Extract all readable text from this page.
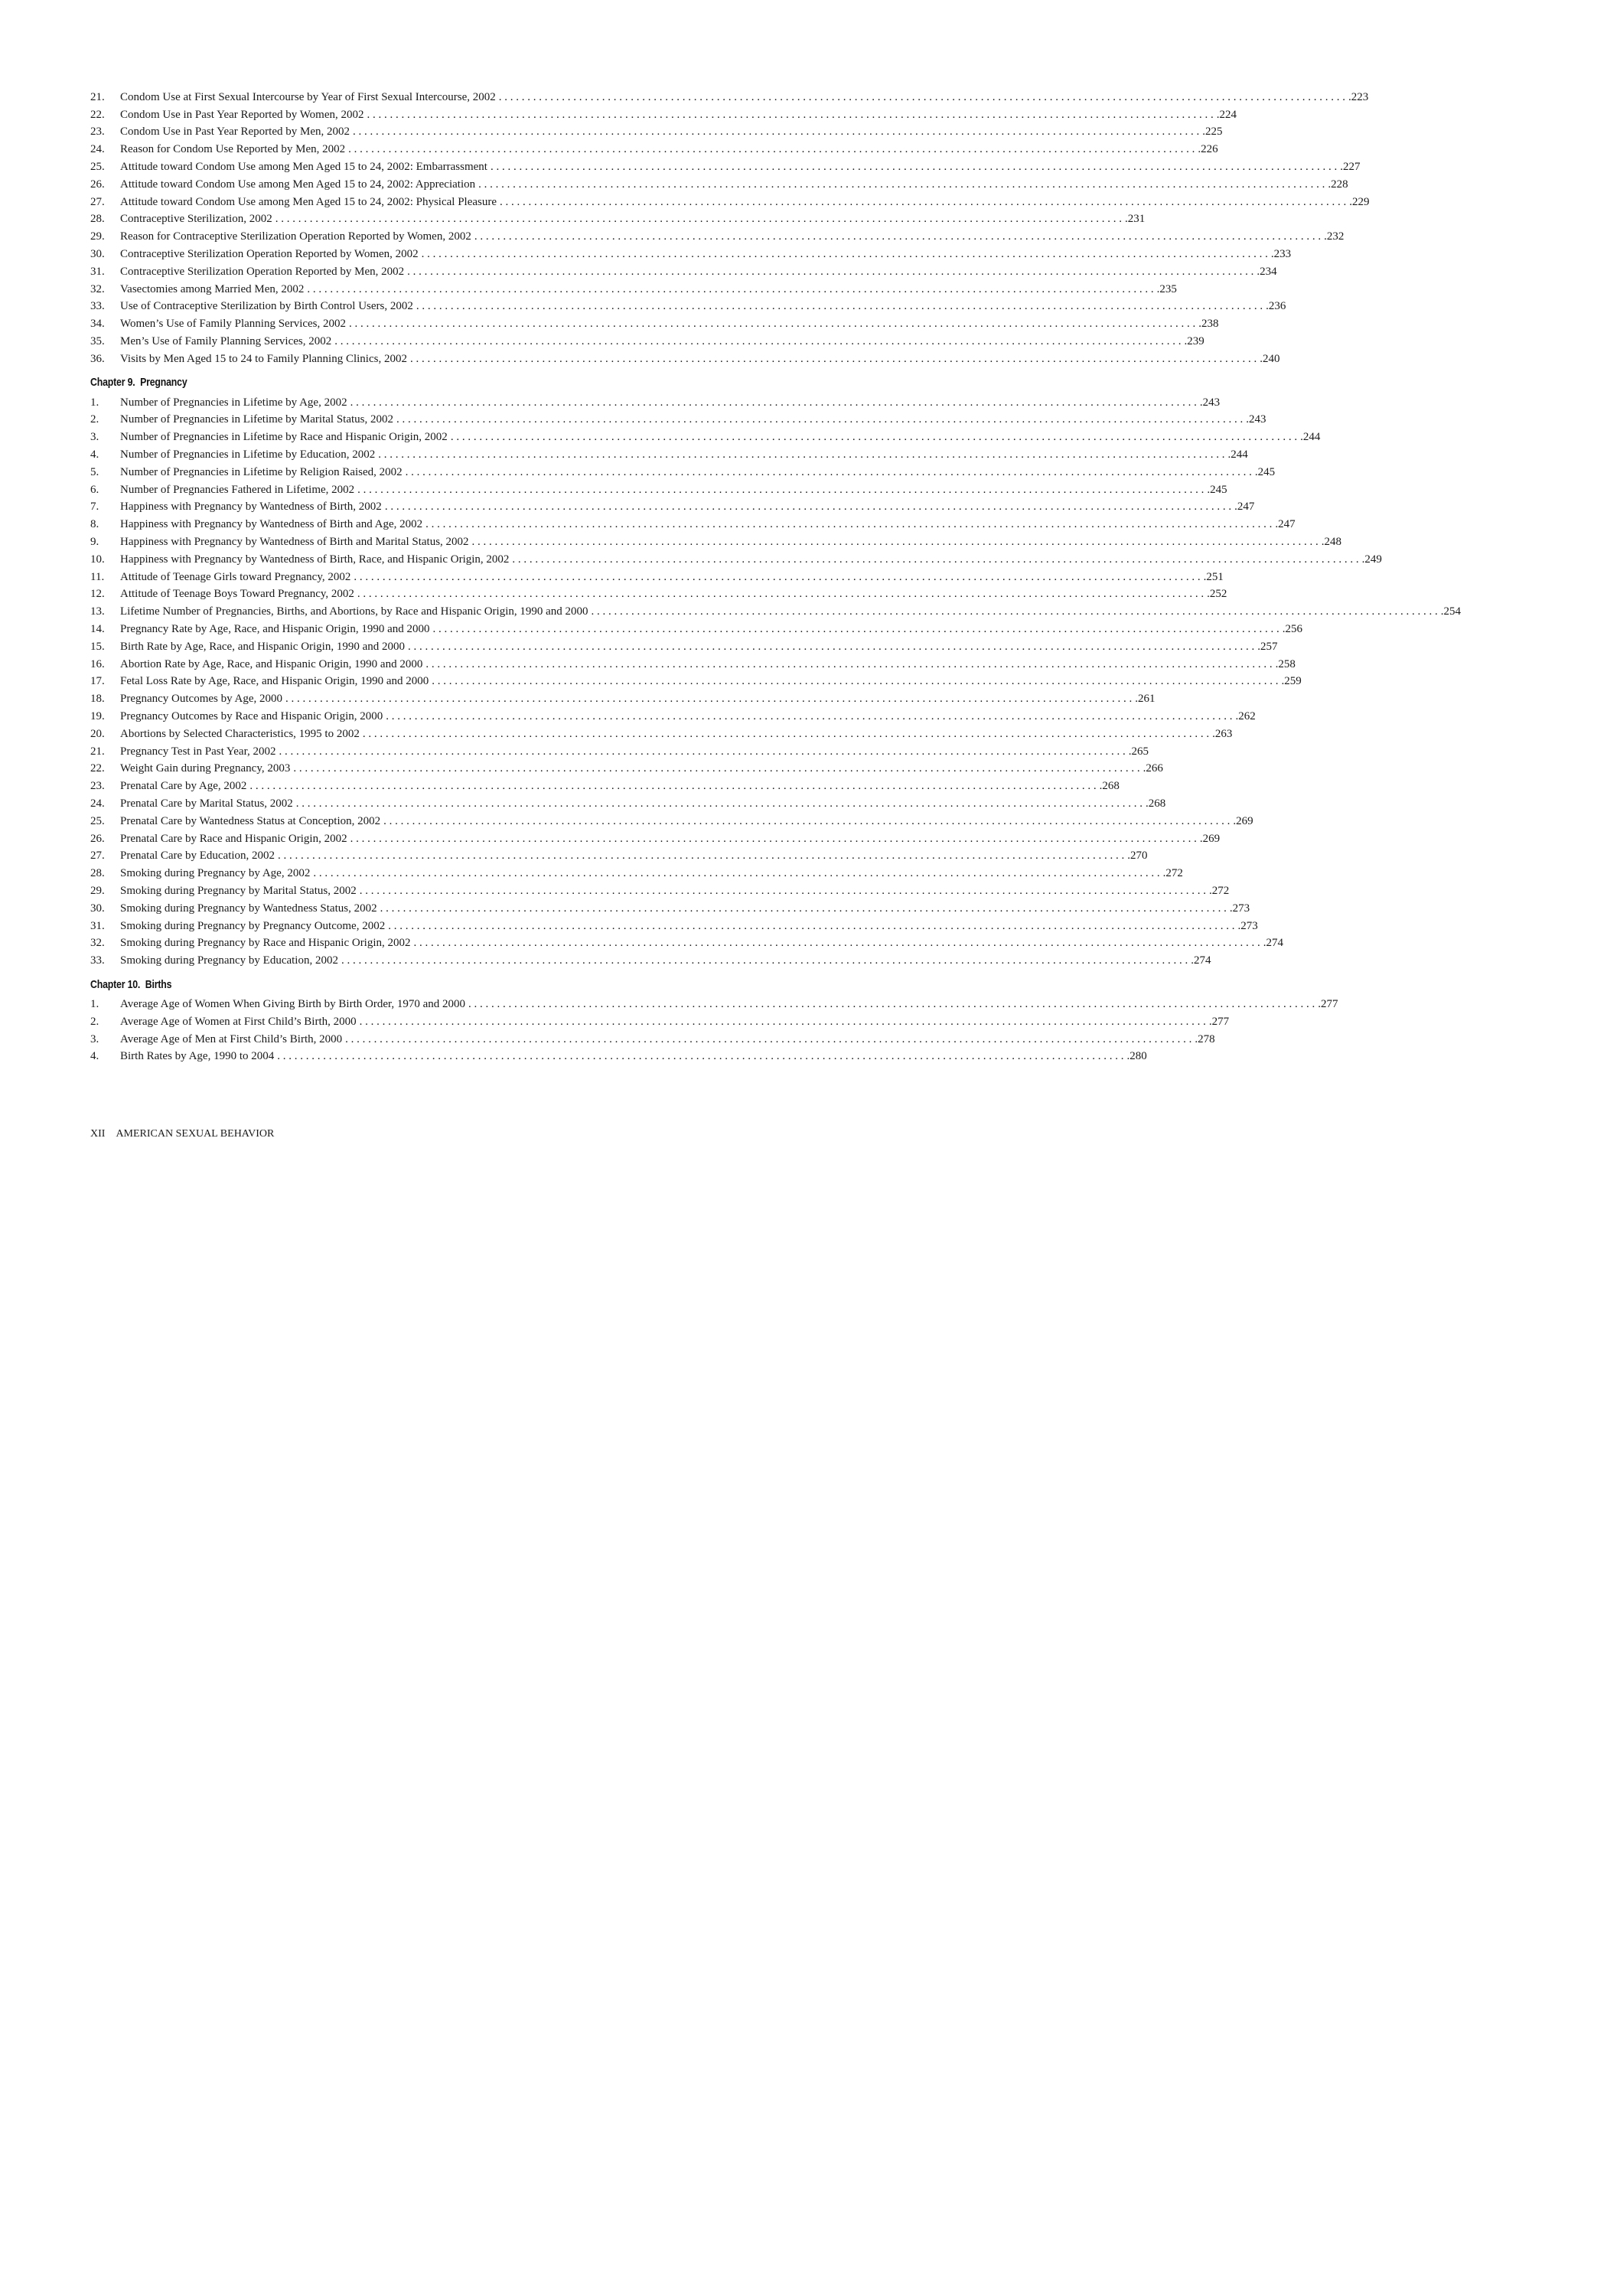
21.	Condom Use at First Sexual Intercourse by Year of First Sexual Intercourse, 2002 . . .	.223
22.	Condom Use in Past Year Reported by Women, 2002 . . .	.224
23.	Condom Use in Past Year Reported by Men, 2002 . . .	.225
24.	Reason for Condom Use Reported by Men, 2002 . . .	.226
25.	Attitude toward Condom Use among Men Aged 15 to 24, 2002: Embarrassment . . .	.227
26.	Attitude toward Condom Use among Men Aged 15 to 24, 2002: Appreciation . . .	.228
27.	Attitude toward Condom Use among Men Aged 15 to 24, 2002: Physical Pleasure . . .	.229
28.	Contraceptive Sterilization, 2002 . . .	.231
29.	Reason for Contraceptive Sterilization Operation Reported by Women, 2002 . . .	.232
30.	Contraceptive Sterilization Operation Reported by Women, 2002 . . .	.233
31.	Contraceptive Sterilization Operation Reported by Men, 2002 . . .	.234
32.	Vasectomies among Married Men, 2002 . . .	.235
33.	Use of Contraceptive Sterilization by Birth Control Users, 2002 . . .	.236
34.	Women’s Use of Family Planning Services, 2002 . . .	.238
35.	Men’s Use of Family Planning Services, 2002 . . .	.239
36.	Visits by Men Aged 15 to 24 to Family Planning Clinics, 2002 . . .	.240
Chapter 9. Pregnancy
1.	Number of Pregnancies in Lifetime by Age, 2002 . . .	.243
2.	Number of Pregnancies in Lifetime by Marital Status, 2002 . . .	.243
3.	Number of Pregnancies in Lifetime by Race and Hispanic Origin, 2002 . . .	.244
4.	Number of Pregnancies in Lifetime by Education, 2002 . . .	.244
5.	Number of Pregnancies in Lifetime by Religion Raised, 2002 . . .	.245
6.	Number of Pregnancies Fathered in Lifetime, 2002 . . .	.245
7.	Happiness with Pregnancy by Wantedness of Birth, 2002 . . .	.247
8.	Happiness with Pregnancy by Wantedness of Birth and Age, 2002 . . .	.247
9.	Happiness with Pregnancy by Wantedness of Birth and Marital Status, 2002 . . .	.248
10.	Happiness with Pregnancy by Wantedness of Birth, Race, and Hispanic Origin, 2002 . . .	.249
11.	Attitude of Teenage Girls toward Pregnancy, 2002 . . .	.251
12.	Attitude of Teenage Boys Toward Pregnancy, 2002 . . .	.252
13.	Lifetime Number of Pregnancies, Births, and Abortions, by Race and Hispanic Origin, 1990 and 2000 . . .	.254
14.	Pregnancy Rate by Age, Race, and Hispanic Origin, 1990 and 2000 . . .	.256
15.	Birth Rate by Age, Race, and Hispanic Origin, 1990 and 2000 . . .	.257
16.	Abortion Rate by Age, Race, and Hispanic Origin, 1990 and 2000 . . .	.258
17.	Fetal Loss Rate by Age, Race, and Hispanic Origin, 1990 and 2000 . . .	.259
18.	Pregnancy Outcomes by Age, 2000 . . .	.261
19.	Pregnancy Outcomes by Race and Hispanic Origin, 2000 . . .	.262
20.	Abortions by Selected Characteristics, 1995 to 2002 . . .	.263
21.	Pregnancy Test in Past Year, 2002 . . .	.265
22.	Weight Gain during Pregnancy, 2003 . . .	.266
23.	Prenatal Care by Age, 2002 . . .	.268
24.	Prenatal Care by Marital Status, 2002 . . .	.268
25.	Prenatal Care by Wantedness Status at Conception, 2002 . . .	.269
26.	Prenatal Care by Race and Hispanic Origin, 2002 . . .	.269
27.	Prenatal Care by Education, 2002 . . .	.270
28.	Smoking during Pregnancy by Age, 2002 . . .	.272
29.	Smoking during Pregnancy by Marital Status, 2002 . . .	.272
30.	Smoking during Pregnancy by Wantedness Status, 2002 . . .	.273
31.	Smoking during Pregnancy by Pregnancy Outcome, 2002 . . .	.273
32.	Smoking during Pregnancy by Race and Hispanic Origin, 2002 . . .	.274
33.	Smoking during Pregnancy by Education, 2002 . . .	.274
Chapter 10. Births
1.	Average Age of Women When Giving Birth by Birth Order, 1970 and 2000 . . .	.277
2.	Average Age of Women at First Child’s Birth, 2000 . . .	.277
3.	Average Age of Men at First Child’s Birth, 2000 . . .	.278
4.	Birth Rates by Age, 1990 to 2004 . . .	.280
XII AMERICAN SEXUAL BEHAVIOR
